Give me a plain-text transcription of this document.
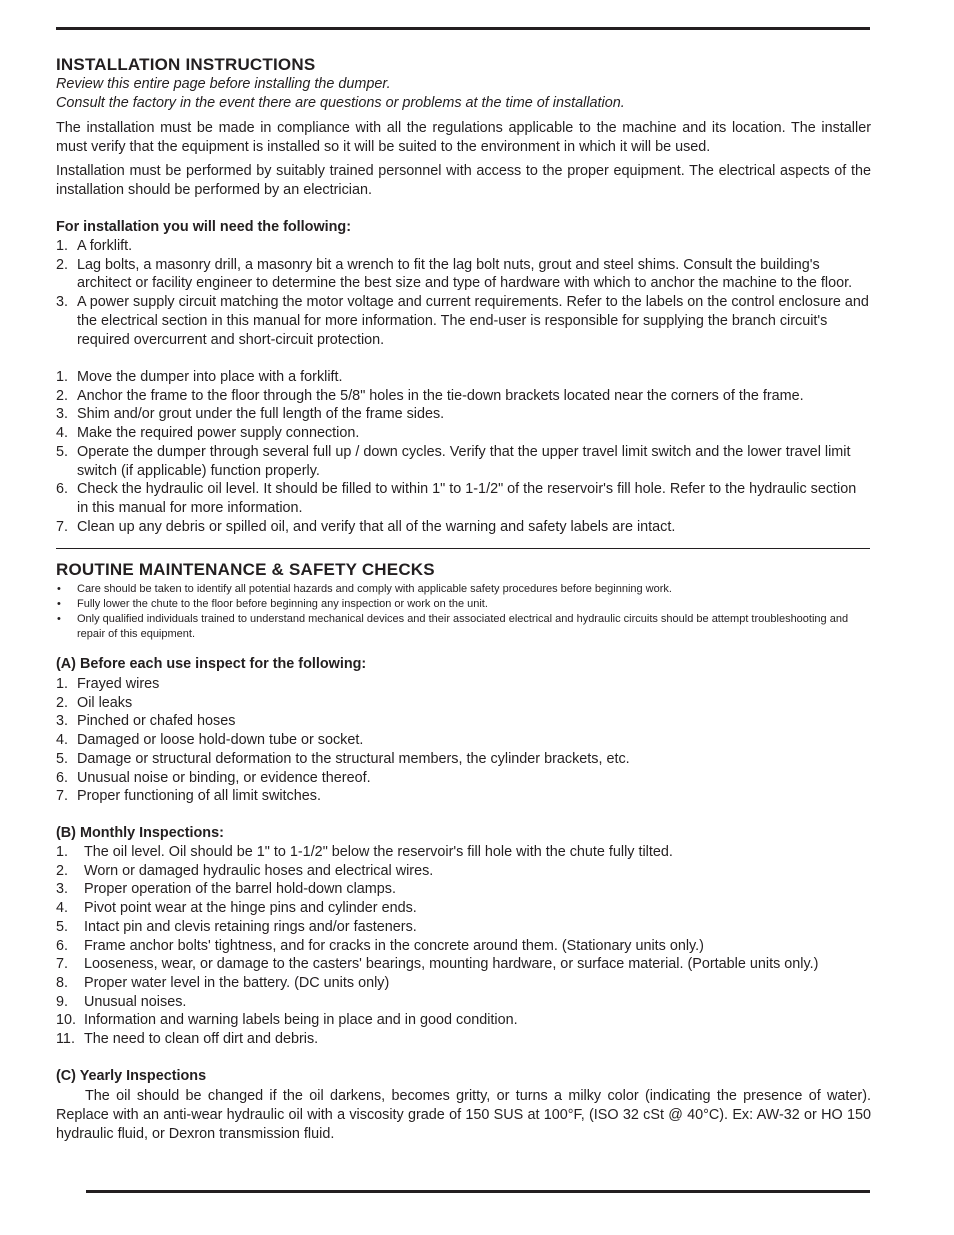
INSTALLATION INSTRUCTIONS
Review this entire page before installing the dumper.
Consult the factory in the event there are questions or problems at the time of installation.
The installation must be made in compliance with all the regulations applicable to the machine and its location. The installer must verify that the equipment is installed so it will be suited to the environment in which it will be used.
Installation must be performed by suitably trained personnel with access to the proper equipment. The electrical aspects of the installation should be performed by an electrician.
For installation you will need the following:
1. A forklift.
2. Lag bolts, a masonry drill, a masonry bit a wrench to fit the lag bolt nuts, grout and steel shims. Consult the building's architect or facility engineer to determine the best size and type of hardware with which to anchor the machine to the floor.
3. A power supply circuit matching the motor voltage and current requirements. Refer to the labels on the control enclosure and the electrical section in this manual for more information. The end-user is responsible for supplying the branch circuit's required overcurrent and short-circuit protection.
1. Move the dumper into place with a forklift.
2. Anchor the frame to the floor through the 5/8" holes in the tie-down brackets located near the corners of the frame.
3. Shim and/or grout under the full length of the frame sides.
4. Make the required power supply connection.
5. Operate the dumper through several full up / down cycles. Verify that the upper travel limit switch and the lower travel limit switch (if applicable) function properly.
6. Check the hydraulic oil level. It should be filled to within 1" to 1-1/2" of the reservoir's fill hole. Refer to the hydraulic section in this manual for more information.
7. Clean up any debris or spilled oil, and verify that all of the warning and safety labels are intact.
ROUTINE MAINTENANCE & SAFETY CHECKS
• Care should be taken to identify all potential hazards and comply with applicable safety procedures before beginning work.
• Fully lower the chute to the floor before beginning any inspection or work on the unit.
• Only qualified individuals trained to understand mechanical devices and their associated electrical and hydraulic circuits should be attempt troubleshooting and repair of this equipment.
(A) Before each use inspect for the following:
1. Frayed wires
2. Oil leaks
3. Pinched or chafed hoses
4. Damaged or loose hold-down tube or socket.
5. Damage or structural deformation to the structural members, the cylinder brackets, etc.
6. Unusual noise or binding, or evidence thereof.
7. Proper functioning of all limit switches.
(B) Monthly Inspections:
1. The oil level. Oil should be 1" to 1-1/2" below the reservoir's fill hole with the chute fully tilted.
2. Worn or damaged hydraulic hoses and electrical wires.
3. Proper operation of the barrel hold-down clamps.
4. Pivot point wear at the hinge pins and cylinder ends.
5. Intact pin and clevis retaining rings and/or fasteners.
6. Frame anchor bolts' tightness, and for cracks in the concrete around them. (Stationary units only.)
7. Looseness, wear, or damage to the casters' bearings, mounting hardware, or surface material. (Portable units only.)
8. Proper water level in the battery. (DC units only)
9. Unusual noises.
10. Information and warning labels being in place and in good condition.
11. The need to clean off dirt and debris.
(C) Yearly Inspections
The oil should be changed if the oil darkens, becomes gritty, or turns a milky color (indicating the presence of water). Replace with an anti-wear hydraulic oil with a viscosity grade of 150 SUS at 100°F, (ISO 32 cSt @ 40°C). Ex: AW-32 or HO 150 hydraulic fluid, or Dexron transmission fluid.
